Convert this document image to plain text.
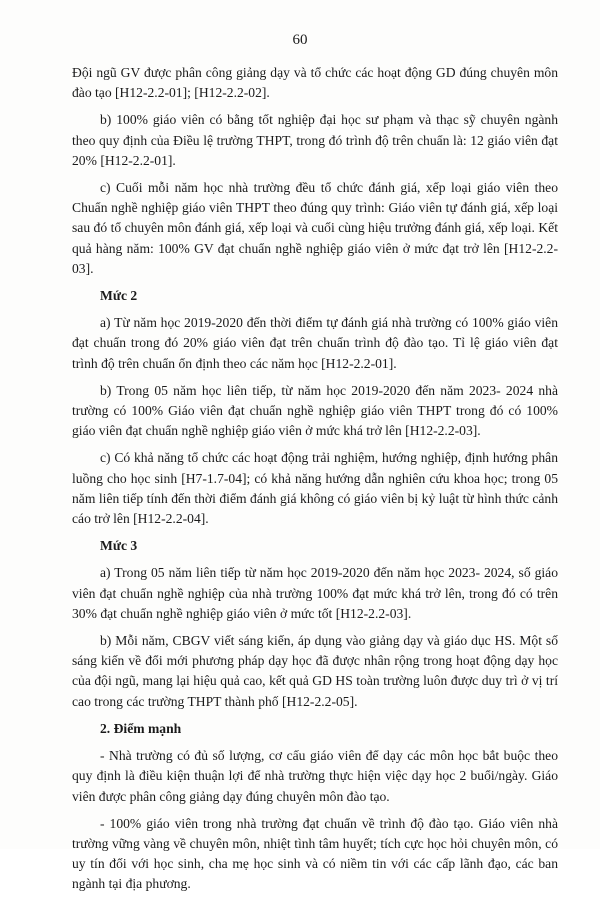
60

Đội ngũ GV được phân công giảng dạy và tổ chức các hoạt động GD đúng chuyên môn đào tạo [H12-2.2-01]; [H12-2.2-02].

b) 100% giáo viên có bằng tốt nghiệp đại học sư phạm và thạc sỹ chuyên ngành theo quy định của Điều lệ trường THPT, trong đó trình độ trên chuẩn là: 12 giáo viên đạt 20% [H12-2.2-01].

c) Cuối mỗi năm học nhà trường đều tổ chức đánh giá, xếp loại giáo viên theo Chuẩn nghề nghiệp giáo viên THPT theo đúng quy trình: Giáo viên tự đánh giá, xếp loại sau đó tổ chuyên môn đánh giá, xếp loại và cuối cùng hiệu trưởng đánh giá, xếp loại. Kết quả hàng năm: 100% GV đạt chuẩn nghề nghiệp giáo viên ở mức đạt trở lên [H12-2.2-03].

Mức 2

a) Từ năm học 2019-2020 đến thời điểm tự đánh giá nhà trường có 100% giáo viên đạt chuẩn trong đó 20% giáo viên đạt trên chuẩn trình độ đào tạo. Tỉ lệ giáo viên đạt trình độ trên chuẩn ổn định theo các năm học [H12-2.2-01].

b) Trong 05 năm học liên tiếp, từ năm học 2019-2020 đến năm 2023- 2024 nhà trường có 100% Giáo viên đạt chuẩn nghề nghiệp giáo viên THPT trong đó có 100% giáo viên đạt chuẩn nghề nghiệp giáo viên ở mức khá trở lên [H12-2.2-03].

c) Có khả năng tổ chức các hoạt động trải nghiệm, hướng nghiệp, định hướng phân luồng cho học sinh [H7-1.7-04]; có khả năng hướng dẫn nghiên cứu khoa học; trong 05 năm liên tiếp tính đến thời điểm đánh giá không có giáo viên bị kỷ luật từ hình thức cảnh cáo trở lên [H12-2.2-04].

Mức 3

a) Trong 05 năm liên tiếp từ năm học 2019-2020 đến năm học 2023- 2024, số giáo viên đạt chuẩn nghề nghiệp của nhà trường 100% đạt mức khá trở lên, trong đó có trên 30% đạt chuẩn nghề nghiệp giáo viên ở mức tốt [H12-2.2-03].

b) Mỗi năm, CBGV viết sáng kiến, áp dụng vào giảng dạy và giáo dục HS. Một số sáng kiến về đổi mới phương pháp dạy học đã được nhân rộng trong hoạt động dạy học của đội ngũ, mang lại hiệu quả cao, kết quả GD HS toàn trường luôn được duy trì ở vị trí cao trong các trường THPT thành phố [H12-2.2-05].

2. Điểm mạnh

- Nhà trường có đủ số lượng, cơ cấu giáo viên để dạy các môn học bắt buộc theo quy định là điều kiện thuận lợi để nhà trường thực hiện việc dạy học 2 buổi/ngày. Giáo viên được phân công giảng dạy đúng chuyên môn đào tạo.

- 100% giáo viên trong nhà trường đạt chuẩn về trình độ đào tạo. Giáo viên nhà trường vững vàng về chuyên môn, nhiệt tình tâm huyết; tích cực học hỏi chuyên môn, có uy tín đối với học sinh, cha mẹ học sinh và có niềm tin với các cấp lãnh đạo, các ban ngành tại địa phương.
